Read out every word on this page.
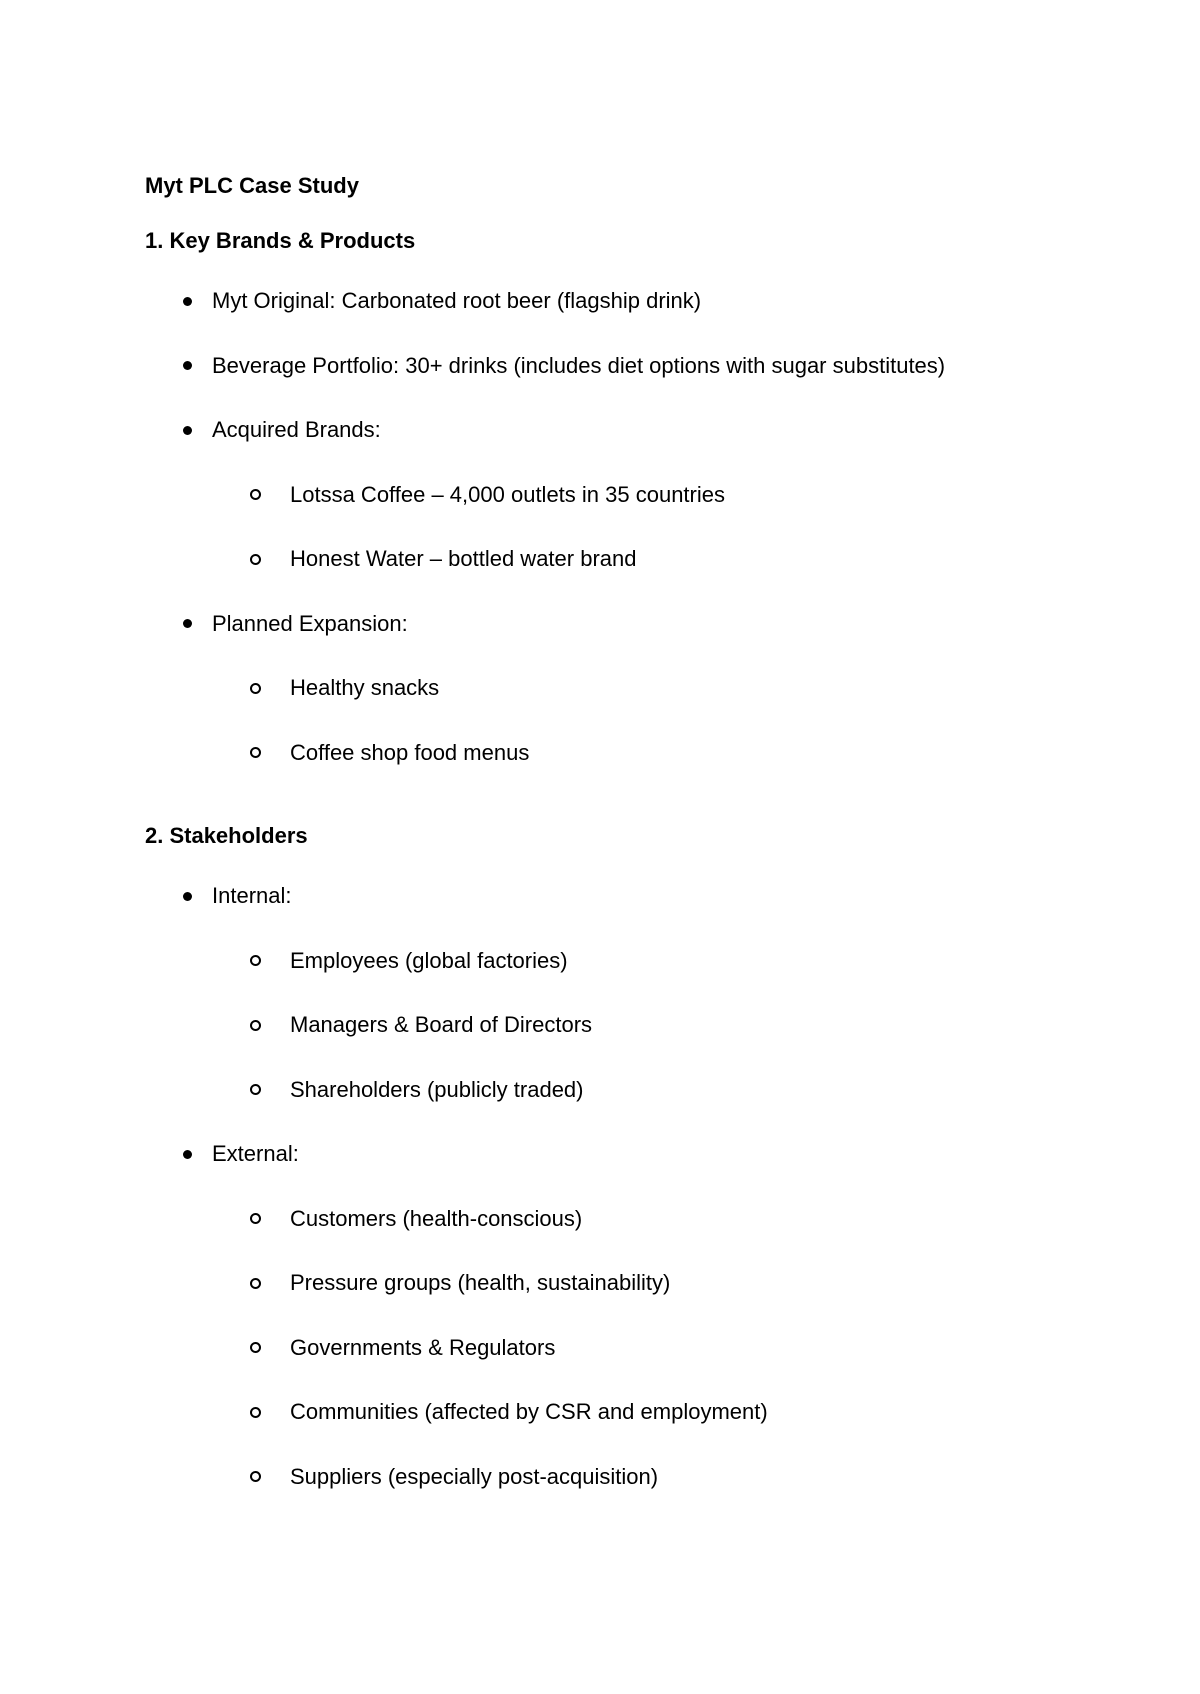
Myt PLC Case Study
1. Key Brands & Products
Myt Original: Carbonated root beer (flagship drink)
Beverage Portfolio: 30+ drinks (includes diet options with sugar substitutes)
Acquired Brands:
Lotssa Coffee – 4,000 outlets in 35 countries
Honest Water – bottled water brand
Planned Expansion:
Healthy snacks
Coffee shop food menus
2. Stakeholders
Internal:
Employees (global factories)
Managers & Board of Directors
Shareholders (publicly traded)
External:
Customers (health-conscious)
Pressure groups (health, sustainability)
Governments & Regulators
Communities (affected by CSR and employment)
Suppliers (especially post-acquisition)
